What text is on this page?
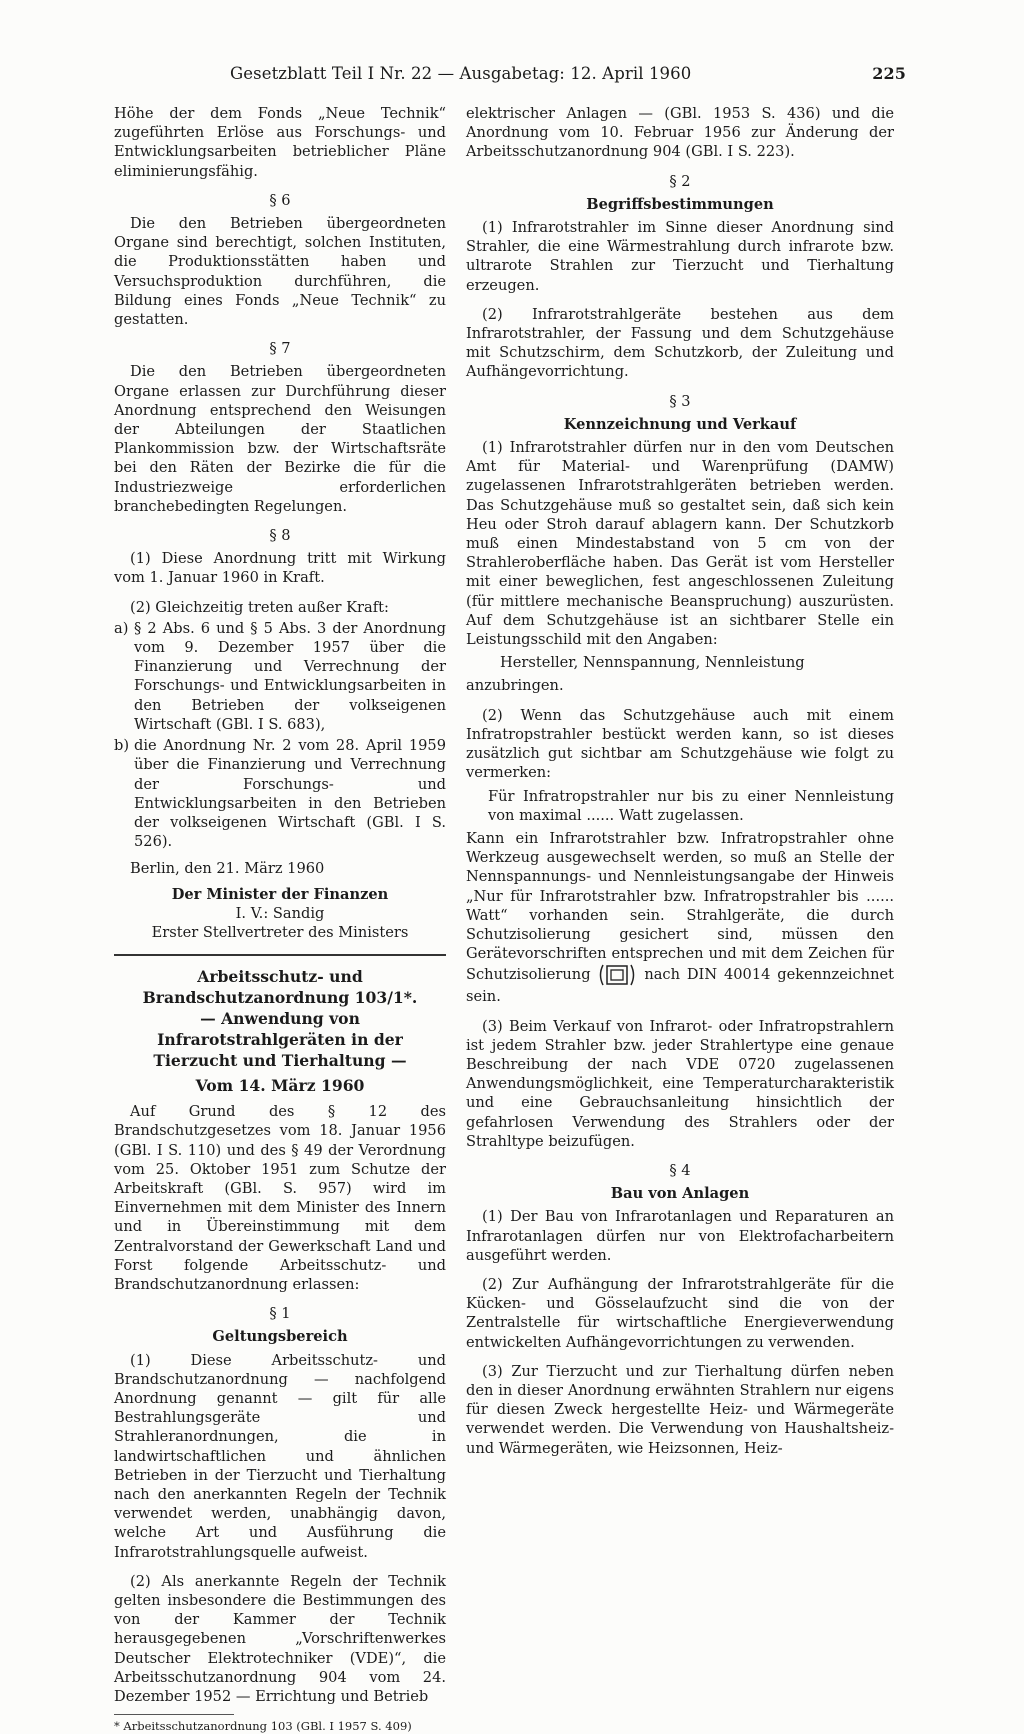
Gesetzblatt Teil I Nr. 22 — Ausgabetag: 12. April 1960	225

Höhe der dem Fonds „Neue Technik“ zugeführten Erlöse aus Forschungs- und Entwicklungsarbeiten betrieblicher Pläne eliminierungsfähig.

§ 6

Die den Betrieben übergeordneten Organe sind berechtigt, solchen Instituten, die Produktionsstätten haben und Versuchsproduktion durchführen, die Bildung eines Fonds „Neue Technik“ zu gestatten.

§ 7

Die den Betrieben übergeordneten Organe erlassen zur Durchführung dieser Anordnung entsprechend den Weisungen der Abteilungen der Staatlichen Plankommission bzw. der Wirtschaftsräte bei den Räten der Bezirke die für die Industriezweige erforderlichen branchebedingten Regelungen.

§ 8

(1) Diese Anordnung tritt mit Wirkung vom 1. Januar 1960 in Kraft.

(2) Gleichzeitig treten außer Kraft:

a) § 2 Abs. 6 und § 5 Abs. 3 der Anordnung vom 9. Dezember 1957 über die Finanzierung und Verrechnung der Forschungs- und Entwicklungsarbeiten in den Betrieben der volkseigenen Wirtschaft (GBl. I S. 683),
b) die Anordnung Nr. 2 vom 28. April 1959 über die Finanzierung und Verrechnung der Forschungs- und Entwicklungsarbeiten in den Betrieben der volkseigenen Wirtschaft (GBl. I S. 526).

Berlin, den 21. März 1960

Der Minister der Finanzen

I. V.: Sandig

Erster Stellvertreter des Ministers

Arbeitsschutz- und Brandschutzanordnung 103/1*.

— Anwendung von Infrarotstrahlgeräten in der Tierzucht und Tierhaltung —

Vom 14. März 1960

Auf Grund des § 12 des Brandschutzgesetzes vom 18. Januar 1956 (GBl. I S. 110) und des § 49 der Verordnung vom 25. Oktober 1951 zum Schutze der Arbeitskraft (GBl. S. 957) wird im Einvernehmen mit dem Minister des Innern und in Übereinstimmung mit dem Zentralvorstand der Gewerkschaft Land und Forst folgende Arbeitsschutz- und Brandschutzanordnung erlassen:

§ 1
Geltungsbereich

(1) Diese Arbeitsschutz- und Brandschutzanordnung — nachfolgend Anordnung genannt — gilt für alle Bestrahlungsgeräte und Strahleranordnungen, die in landwirtschaftlichen und ähnlichen Betrieben in der Tierzucht und Tierhaltung nach den anerkannten Regeln der Technik verwendet werden, unabhängig davon, welche Art und Ausführung die Infrarotstrahlungsquelle aufweist.

(2) Als anerkannte Regeln der Technik gelten insbesondere die Bestimmungen des von der Kammer der Technik herausgegebenen „Vorschriftenwerkes Deutscher Elektrotechniker (VDE)“, die Arbeitsschutzanordnung 904 vom 24. Dezember 1952 — Errichtung und Betrieb

* Arbeitsschutzanordnung 103 (GBl. I 1957 S. 409)

elektrischer Anlagen — (GBl. 1953 S. 436) und die Anordnung vom 10. Februar 1956 zur Änderung der Arbeitsschutzanordnung 904 (GBl. I S. 223).

§ 2
Begriffsbestimmungen

(1) Infrarotstrahler im Sinne dieser Anordnung sind Strahler, die eine Wärmestrahlung durch infrarote bzw. ultrarote Strahlen zur Tierzucht und Tierhaltung erzeugen.

(2) Infrarotstrahlgeräte bestehen aus dem Infrarotstrahler, der Fassung und dem Schutzgehäuse mit Schutzschirm, dem Schutzkorb, der Zuleitung und Aufhängevorrichtung.

§ 3
Kennzeichnung und Verkauf

(1) Infrarotstrahler dürfen nur in den vom Deutschen Amt für Material- und Warenprüfung (DAMW) zugelassenen Infrarotstrahlgeräten betrieben werden. Das Schutzgehäuse muß so gestaltet sein, daß sich kein Heu oder Stroh darauf ablagern kann. Der Schutzkorb muß einen Mindestabstand von 5 cm von der Strahleroberfläche haben. Das Gerät ist vom Hersteller mit einer beweglichen, fest angeschlossenen Zuleitung (für mittlere mechanische Beanspruchung) auszurüsten. Auf dem Schutzgehäuse ist an sichtbarer Stelle ein Leistungsschild mit den Angaben:

Hersteller, Nennspannung, Nennleistung

anzubringen.

(2) Wenn das Schutzgehäuse auch mit einem Infratropstrahler bestückt werden kann, so ist dieses zusätzlich gut sichtbar am Schutzgehäuse wie folgt zu vermerken:

Für Infratropstrahler nur bis zu einer Nennleistung von maximal ...... Watt zugelassen.

Kann ein Infrarotstrahler bzw. Infratropstrahler ohne Werkzeug ausgewechselt werden, so muß an Stelle der Nennspannungs- und Nennleistungsangabe der Hinweis „Nur für Infrarotstrahler bzw. Infratropstrahler bis ...... Watt“ vorhanden sein. Strahlgeräte, die durch Schutzisolierung gesichert sind, müssen den Gerätevorschriften entsprechen und mit dem Zeichen für Schutzisolierung	nach DIN 40014 gekennzeichnet sein.

(3) Beim Verkauf von Infrarot- oder Infratropstrahlern ist jedem Strahler bzw. jeder Strahlertype eine genaue Beschreibung der nach VDE 0720 zugelassenen Anwendungsmöglichkeit, eine Temperaturcharakteristik und eine Gebrauchsanleitung hinsichtlich der gefahrlosen Verwendung des Strahlers oder der Strahltype beizufügen.

§ 4
Bau von Anlagen

(1) Der Bau von Infrarotanlagen und Reparaturen an Infrarotanlagen dürfen nur von Elektrofacharbeitern ausgeführt werden.

(2) Zur Aufhängung der Infrarotstrahlgeräte für die Kücken- und Gösselaufzucht sind die von der Zentralstelle für wirtschaftliche Energieverwendung entwickelten Aufhängevorrichtungen zu verwenden.

(3) Zur Tierzucht und zur Tierhaltung dürfen neben den in dieser Anordnung erwähnten Strahlern nur eigens für diesen Zweck hergestellte Heiz- und Wärmegeräte verwendet werden. Die Verwendung von Haushaltsheiz- und Wärmegeräten, wie Heizsonnen, Heiz-
